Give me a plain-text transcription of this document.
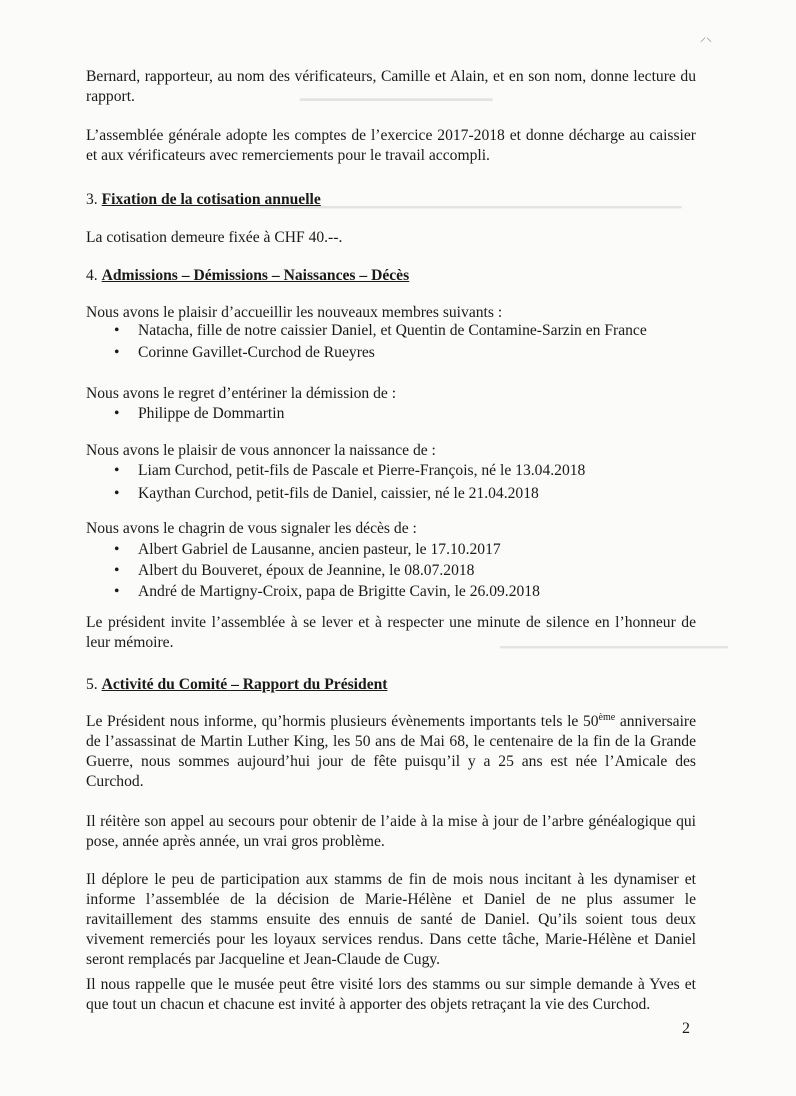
━━━━━━━━━━━━━━━━━━━━
━━━━━━━━━━━━━━━━━━━━━━━━━━━━━━━━━━━━━━━━━━━━━━━━━━
━━━━━━━━━━━━━━━━━━━━━━━━━━━
⸝⸜
Bernard, rapporteur, au nom des vérificateurs, Camille et Alain, et en son nom, donne lecture du rapport.
L’assemblée générale adopte les comptes de l’exercice 2017-2018 et donne décharge au caissier et aux vérificateurs avec remerciements pour le travail accompli.
3. Fixation de la cotisation annuelle
La cotisation demeure fixée à CHF 40.--.
4. Admissions – Démissions – Naissances – Décès
Nous avons le plaisir d’accueillir les nouveaux membres suivants :
• Natacha, fille de notre caissier Daniel, et Quentin de Contamine-Sarzin en France
• Corinne Gavillet-Curchod de Rueyres
Nous avons le regret d’entériner la démission de :
• Philippe de Dommartin
Nous avons le plaisir de vous annoncer la naissance de :
• Liam Curchod, petit-fils de Pascale et Pierre-François, né le 13.04.2018
• Kaythan Curchod, petit-fils de Daniel, caissier, né le 21.04.2018
Nous avons le chagrin de vous signaler les décès de :
• Albert Gabriel de Lausanne, ancien pasteur, le 17.10.2017
• Albert du Bouveret, époux de Jeannine, le 08.07.2018
• André de Martigny-Croix, papa de Brigitte Cavin, le 26.09.2018
Le président invite l’assemblée à se lever et à respecter une minute de silence en l’honneur de leur mémoire.
5. Activité du Comité – Rapport du Président
Le Président nous informe, qu’hormis plusieurs évènements importants tels le 50ème anniversaire de l’assassinat de Martin Luther King, les 50 ans de Mai 68, le centenaire de la fin de la Grande Guerre, nous sommes aujourd’hui jour de fête puisqu’il y a 25 ans est née l’Amicale des Curchod.
Il réitère son appel au secours pour obtenir de l’aide à la mise à jour de l’arbre généalogique qui pose, année après année, un vrai gros problème.
Il déplore le peu de participation aux stamms de fin de mois nous incitant à les dynamiser et informe l’assemblée de la décision de Marie-Hélène et Daniel de ne plus assumer le ravitaillement des stamms ensuite des ennuis de santé de Daniel. Qu’ils soient tous deux vivement remerciés pour les loyaux services rendus. Dans cette tâche, Marie-Hélène et Daniel seront remplacés par Jacqueline et Jean-Claude de Cugy.
Il nous rappelle que le musée peut être visité lors des stamms ou sur simple demande à Yves et que tout un chacun et chacune est invité à apporter des objets retraçant la vie des Curchod.
2
